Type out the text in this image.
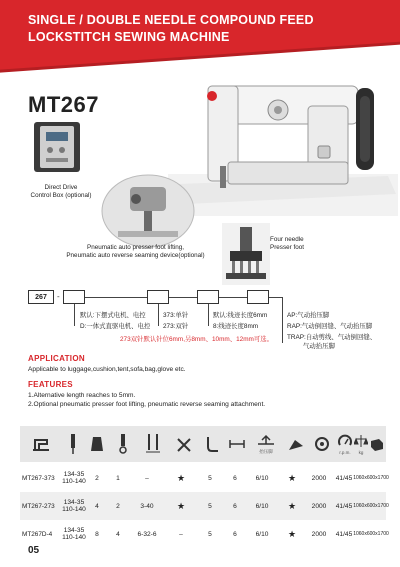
SINGLE / DOUBLE NEEDLE COMPOUND FEED
LOCKSTITCH SEWING MACHINE
MT267
Direct Drive
Control Box (optional)
Pneumatic auto presser foot lifting,
Pneumatic auto reverse seaming device(optional)
Four needle
Presser foot
267 -
默认:下摆式电机、电控
D:一体式直驱电机、电控
373:单针
273:双针
默认:线迹长度6mm
8:线迹长度8mm
AP:气动抬压脚
RAP:气动倒回缝、气动抬压脚
TRAP:自动剪线、气动倒回缝、
气动抬压脚
273双针默认针位6mm,另8mm、10mm、12mm可选。
APPLICATION
Applicable to luggage,cushion,tent,sofa,bag,glove etc.
FEATURES
1.Alternative length reaches to 5mm.
2.Optional pneumatic presser foot lifting, pneumatic reverse seaming attachment.
抬压脚	r.p.m. kg
MT267-373	134-35
110-140	2	1	–	★	5	6	6/10	★	2000	41/45 1060x600x1700
MT267-273	134-35
110-140	4	2	3-40	★	5	6	6/10	★	2000	41/45 1060x600x1700
MT267D-4	134-35
110-140	8	4	6-32-6	–	5	6	6/10	★	2000	41/45 1060x600x1700
05
